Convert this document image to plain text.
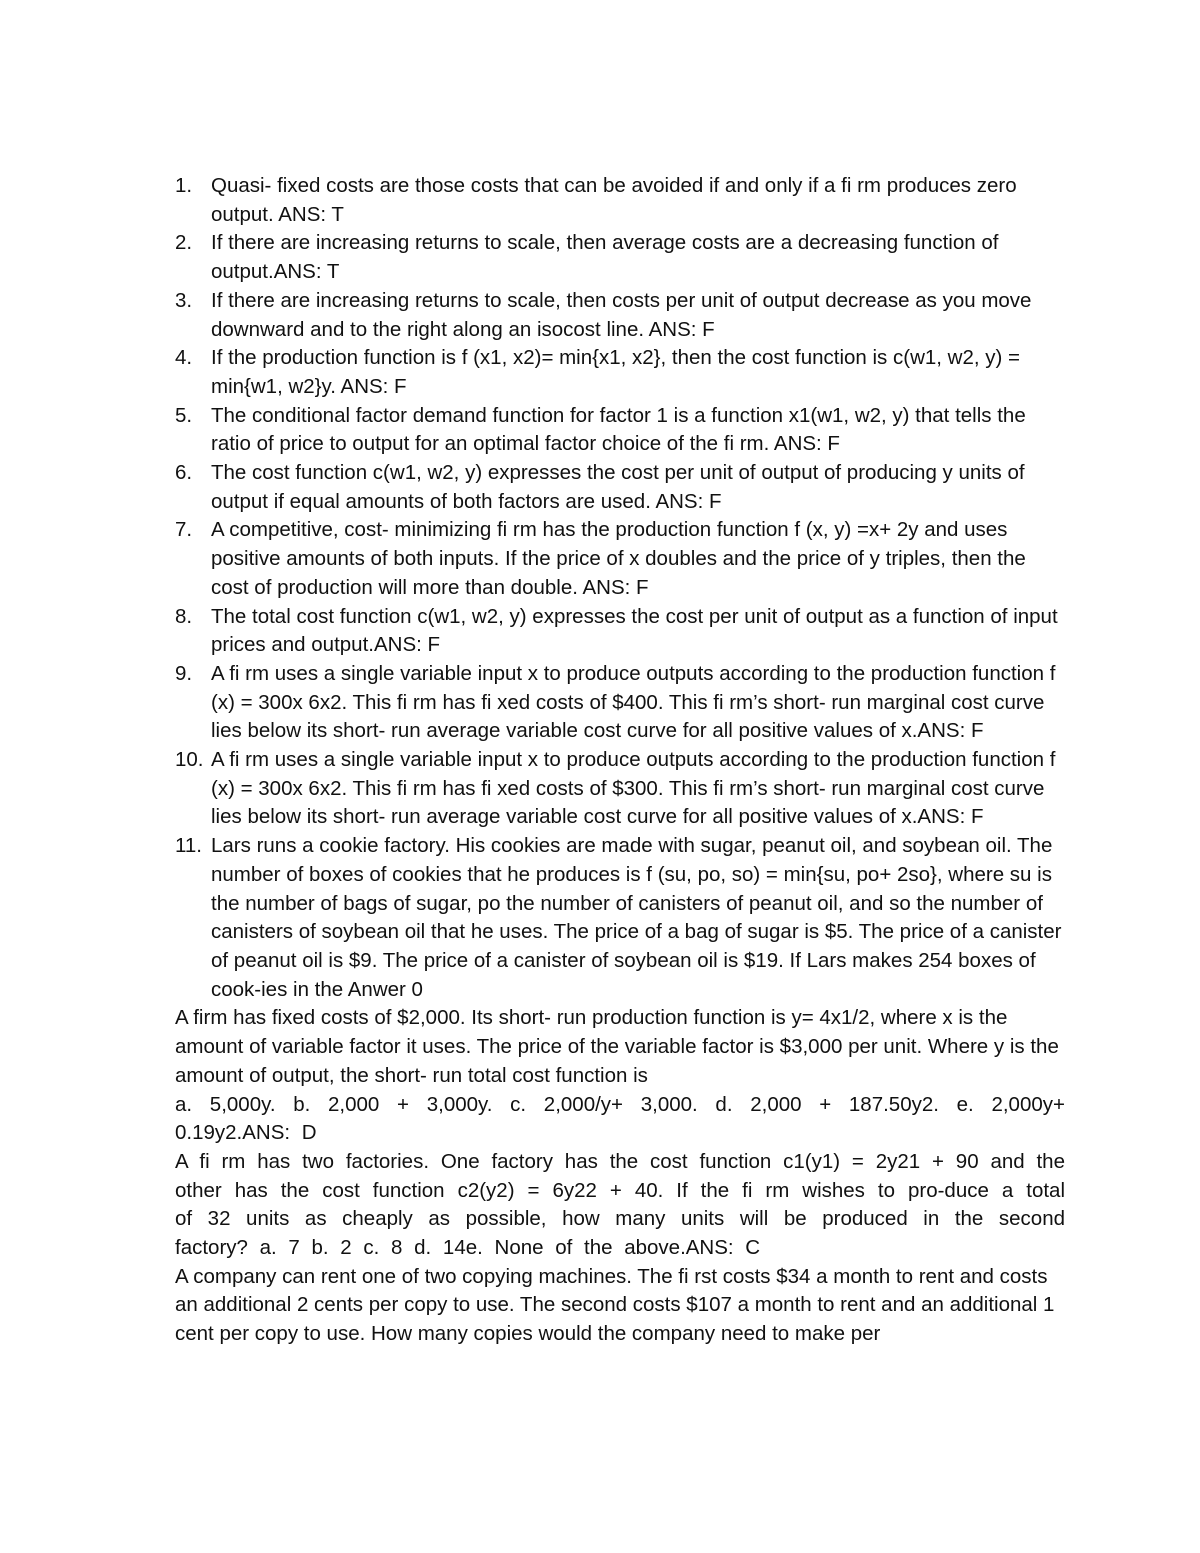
1. Quasi- fixed costs are those costs that can be avoided if and only if a fi rm produces zero output. ANS: T
2. If there are increasing returns to scale, then average costs are a decreasing function of output.ANS: T
3. If there are increasing returns to scale, then costs per unit of output decrease as you move downward and to the right along an isocost line. ANS: F
4. If the production function is f (x1, x2)= min{x1, x2}, then the cost function is c(w1, w2, y) = min{w1, w2}y. ANS: F
5. The conditional factor demand function for factor 1 is a function x1(w1, w2, y) that tells the ratio of price to output for an optimal factor choice of the fi rm. ANS: F
6. The cost function c(w1, w2, y) expresses the cost per unit of output of producing y units of output if equal amounts of both factors are used. ANS: F
7. A competitive, cost- minimizing fi rm has the production function f (x, y) =x+ 2y and uses positive amounts of both inputs. If the price of x doubles and the price of y triples, then the cost of production will more than double. ANS: F
8. The total cost function c(w1, w2, y) expresses the cost per unit of output as a function of input prices and output.ANS: F
9. A fi rm uses a single variable input x to produce outputs according to the production function f (x) = 300x 6x2. This fi rm has fi xed costs of $400. This fi rm’s short- run marginal cost curve lies below its short- run average variable cost curve for all positive values of x.ANS: F
10. A fi rm uses a single variable input x to produce outputs according to the production function f (x) = 300x 6x2. This fi rm has fi xed costs of $300. This fi rm’s short- run marginal cost curve lies below its short- run average variable cost curve for all positive values of x.ANS: F
11. Lars runs a cookie factory. His cookies are made with sugar, peanut oil, and soybean oil. The number of boxes of cookies that he produces is f (su, po, so) = min{su, po+ 2so}, where su is the number of bags of sugar, po the number of canisters of peanut oil, and so the number of canisters of soybean oil that he uses. The price of a bag of sugar is $5. The price of a canister of peanut oil is $9. The price of a canister of soybean oil is $19. If Lars makes 254 boxes of cook-ies in the Anwer 0

A firm has fixed costs of $2,000. Its short- run production function is y= 4x1/2, where x is the amount of variable factor it uses. The price of the variable factor is $3,000 per unit. Where y is the amount of output, the short- run total cost function is

a. 5,000y. b. 2,000 + 3,000y. c. 2,000/y+ 3,000. d. 2,000 + 187.50y2. e. 2,000y+ 0.19y2.ANS: D

A fi rm has two factories. One factory has the cost function c1(y1) = 2y21 + 90 and the other has the cost function c2(y2) = 6y22 + 40. If the fi rm wishes to pro-duce a total of 32 units as cheaply as possible, how many units will be produced in the second factory? a. 7 b. 2 c. 8 d. 14e. None of the above.ANS: C

A company can rent one of two copying machines. The fi rst costs $34 a month to rent and costs an additional 2 cents per copy to use. The second costs $107 a month to rent and an additional 1 cent per copy to use. How many copies would the company need to make per
